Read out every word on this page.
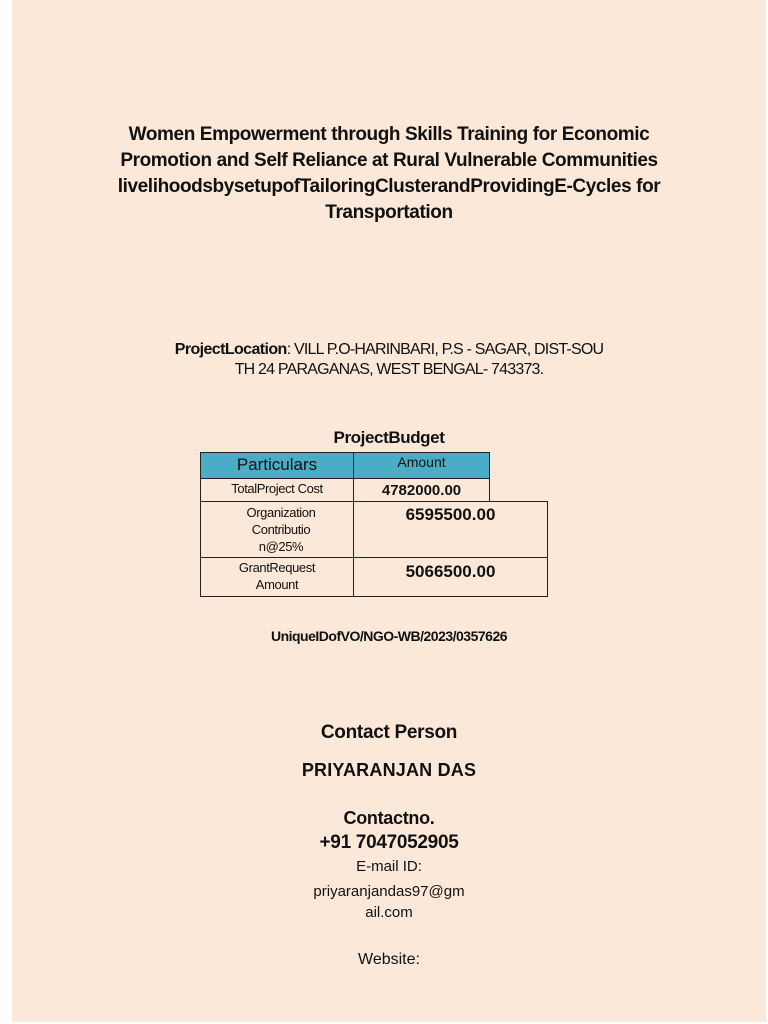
Women Empowerment through Skills Training for Economic
Promotion and Self Reliance at Rural Vulnerable Communities
livelihoodsbysetupofTailoringClusterandProvidingE-Cycles for
Transportation
ProjectLocation: VILL P.O-HARINBARI, P.S - SAGAR, DIST-SOU
TH 24 PARAGANAS, WEST BENGAL- 743373.
ProjectBudget
Particulars	Amount
TotalProject Cost	4782000.00
Organization
Contributio
n@25%
6595500.00
GrantRequest
Amount
5066500.00
UniqueIDofVO/NGO-WB/2023/0357626
Contact Person
PRIYARANJAN DAS
Contactno.
+91 7047052905
E-mail ID:
priyaranjandas97@gm
ail.com
Website:
